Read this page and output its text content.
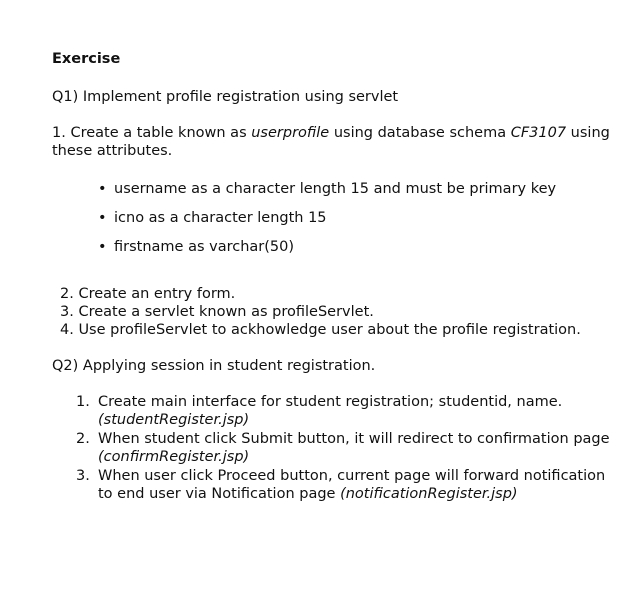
Exercise
Q1) Implement profile registration using servlet
1. Create a table known as userprofile using database schema CF3107 using these attributes.
• username as a character length 15 and must be primary key
• icno as a character length 15
• firstname as varchar(50)
2. Create an entry form.
3. Create a servlet known as profileServlet.
4. Use profileServlet to ackhowledge user about the profile registration.
Q2) Applying session in student registration.
1. Create main interface for student registration; studentid, name.
(studentRegister.jsp)
2. When student click Submit button, it will redirect to confirmation page
(confirmRegister.jsp)
3. When user click Proceed button, current page will forward notification to end user via Notification page (notificationRegister.jsp)
